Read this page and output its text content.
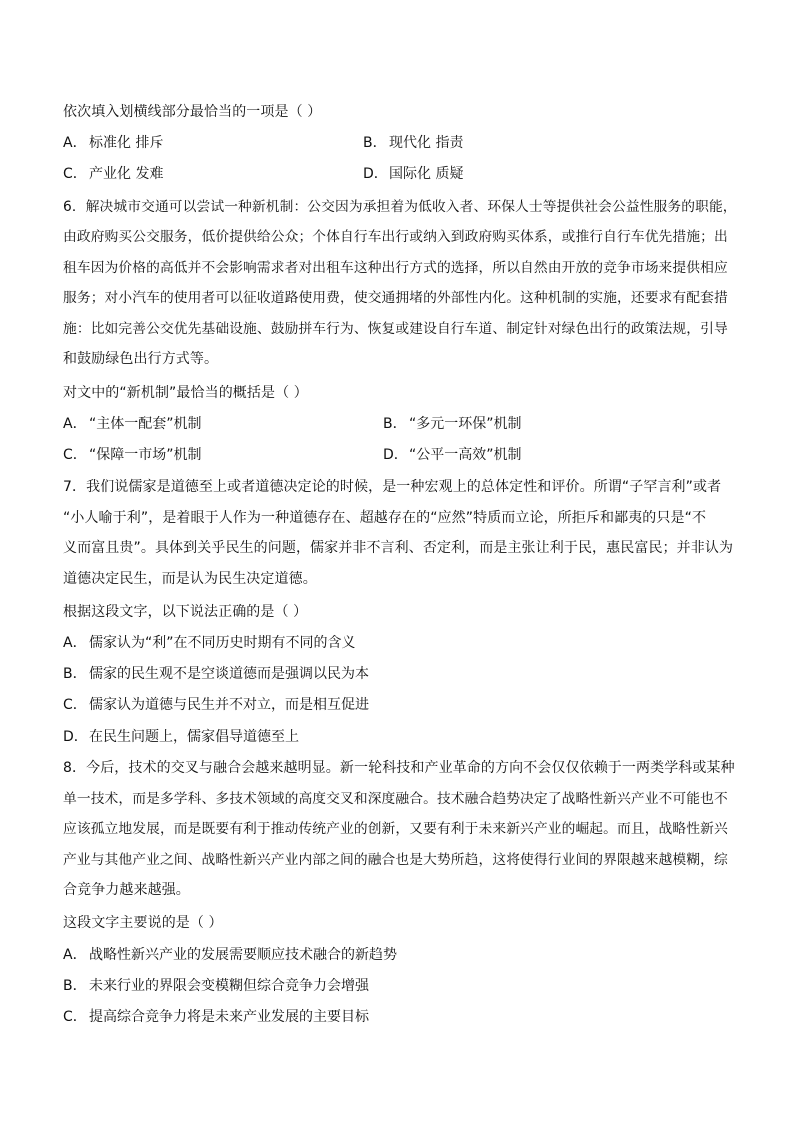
依次填入划横线部分最恰当的一项是（ ）
A． 标准化 排斥	B． 现代化 指责
C． 产业化 发难	D．国际化 质疑
6．解决城市交通可以尝试一种新机制：公交因为承担着为低收入者、环保人士等提供社会公益性服务的职能，
由政府购买公交服务，低价提供给公众；个体自行车出行或纳入到政府购买体系，或推行自行车优先措施；出
租车因为价格的高低并不会影响需求者对出租车这种出行方式的选择，所以自然由开放的竞争市场来提供相应
服务；对小汽车的使用者可以征收道路使用费，使交通拥堵的外部性内化。这种机制的实施，还要求有配套措
施：比如完善公交优先基础设施、鼓励拼车行为、恢复或建设自行车道、制定针对绿色出行的政策法规，引导
和鼓励绿色出行方式等。
对文中的“新机制”最恰当的概括是（ ）
A． “主体一配套”机制	B． “多元一环保”机制
C． “保障一市场”机制	D．“公平一高效”机制
7．我们说儒家是道德至上或者道德决定论的时候，是一种宏观上的总体定性和评价。所谓“子罕言利”或者
“小人喻于利”，是着眼于人作为一种道德存在、超越存在的“应然”特质而立论，所拒斥和鄙夷的只是“不
义而富且贵”。具体到关乎民生的问题，儒家并非不言利、否定利，而是主张让利于民，惠民富民；并非认为
道德决定民生，而是认为民生决定道德。
根据这段文字，以下说法正确的是（ ）
A． 儒家认为“利”在不同历史时期有不同的含义
B． 儒家的民生观不是空谈道德而是强调以民为本
C． 儒家认为道德与民生并不对立，而是相互促进
D．在民生问题上，儒家倡导道德至上
8．今后，技术的交叉与融合会越来越明显。新一轮科技和产业革命的方向不会仅仅依赖于一两类学科或某种
单一技术，而是多学科、多技术领域的高度交叉和深度融合。技术融合趋势决定了战略性新兴产业不可能也不
应该孤立地发展，而是既要有利于推动传统产业的创新，又要有利于未来新兴产业的崛起。而且，战略性新兴
产业与其他产业之间、战略性新兴产业内部之间的融合也是大势所趋，这将使得行业间的界限越来越模糊，综
合竞争力越来越强。
这段文字主要说的是（ ）
A． 战略性新兴产业的发展需要顺应技术融合的新趋势
B． 未来行业的界限会变模糊但综合竞争力会增强
C． 提高综合竞争力将是未来产业发展的主要目标
